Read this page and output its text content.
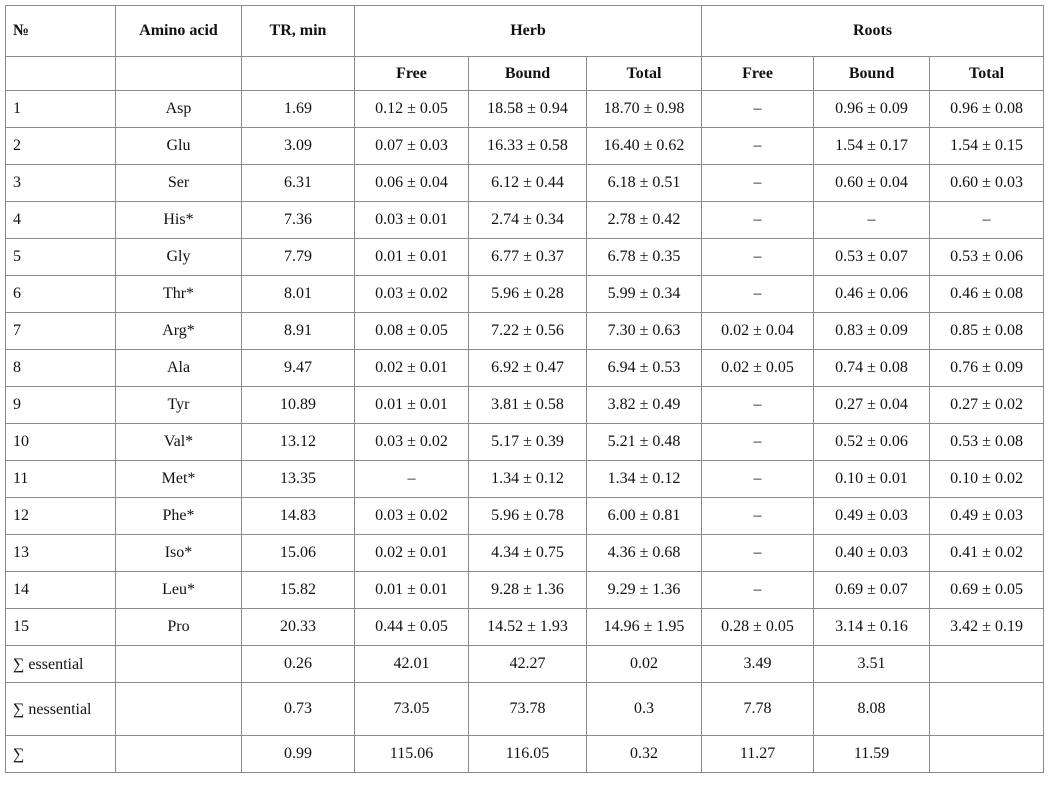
№	Amino acid	TR, min	Herb			Roots		
			Free	Bound	Total	Free	Bound	Total
1	Asp	1.69	0.12 ± 0.05	18.58 ± 0.94	18.70 ± 0.98	–	0.96 ± 0.09	0.96 ± 0.08
2	Glu	3.09	0.07 ± 0.03	16.33 ± 0.58	16.40 ± 0.62	–	1.54 ± 0.17	1.54 ± 0.15
3	Ser	6.31	0.06 ± 0.04	6.12 ± 0.44	6.18 ± 0.51	–	0.60 ± 0.04	0.60 ± 0.03
4	His*	7.36	0.03 ± 0.01	2.74 ± 0.34	2.78 ± 0.42	–	–	–
5	Gly	7.79	0.01 ± 0.01	6.77 ± 0.37	6.78 ± 0.35	–	0.53 ± 0.07	0.53 ± 0.06
6	Thr*	8.01	0.03 ± 0.02	5.96 ± 0.28	5.99 ± 0.34	–	0.46 ± 0.06	0.46 ± 0.08
7	Arg*	8.91	0.08 ± 0.05	7.22 ± 0.56	7.30 ± 0.63	0.02 ± 0.04	0.83 ± 0.09	0.85 ± 0.08
8	Ala	9.47	0.02 ± 0.01	6.92 ± 0.47	6.94 ± 0.53	0.02 ± 0.05	0.74 ± 0.08	0.76 ± 0.09
9	Tyr	10.89	0.01 ± 0.01	3.81 ± 0.58	3.82 ± 0.49	–	0.27 ± 0.04	0.27 ± 0.02
10	Val*	13.12	0.03 ± 0.02	5.17 ± 0.39	5.21 ± 0.48	–	0.52 ± 0.06	0.53 ± 0.08
11	Met*	13.35	–	1.34 ± 0.12	1.34 ± 0.12	–	0.10 ± 0.01	0.10 ± 0.02
12	Phe*	14.83	0.03 ± 0.02	5.96 ± 0.78	6.00 ± 0.81	–	0.49 ± 0.03	0.49 ± 0.03
13	Iso*	15.06	0.02 ± 0.01	4.34 ± 0.75	4.36 ± 0.68	–	0.40 ± 0.03	0.41 ± 0.02
14	Leu*	15.82	0.01 ± 0.01	9.28 ± 1.36	9.29 ± 1.36	–	0.69 ± 0.07	0.69 ± 0.05
15	Pro	20.33	0.44 ± 0.05	14.52 ± 1.93	14.96 ± 1.95	0.28 ± 0.05	3.14 ± 0.16	3.42 ± 0.19
∑ essential		0.26	42.01	42.27	0.02	3.49	3.51	
∑ nessential		0.73	73.05	73.78	0.3	7.78	8.08	
∑		0.99	115.06	116.05	0.32	11.27	11.59	
